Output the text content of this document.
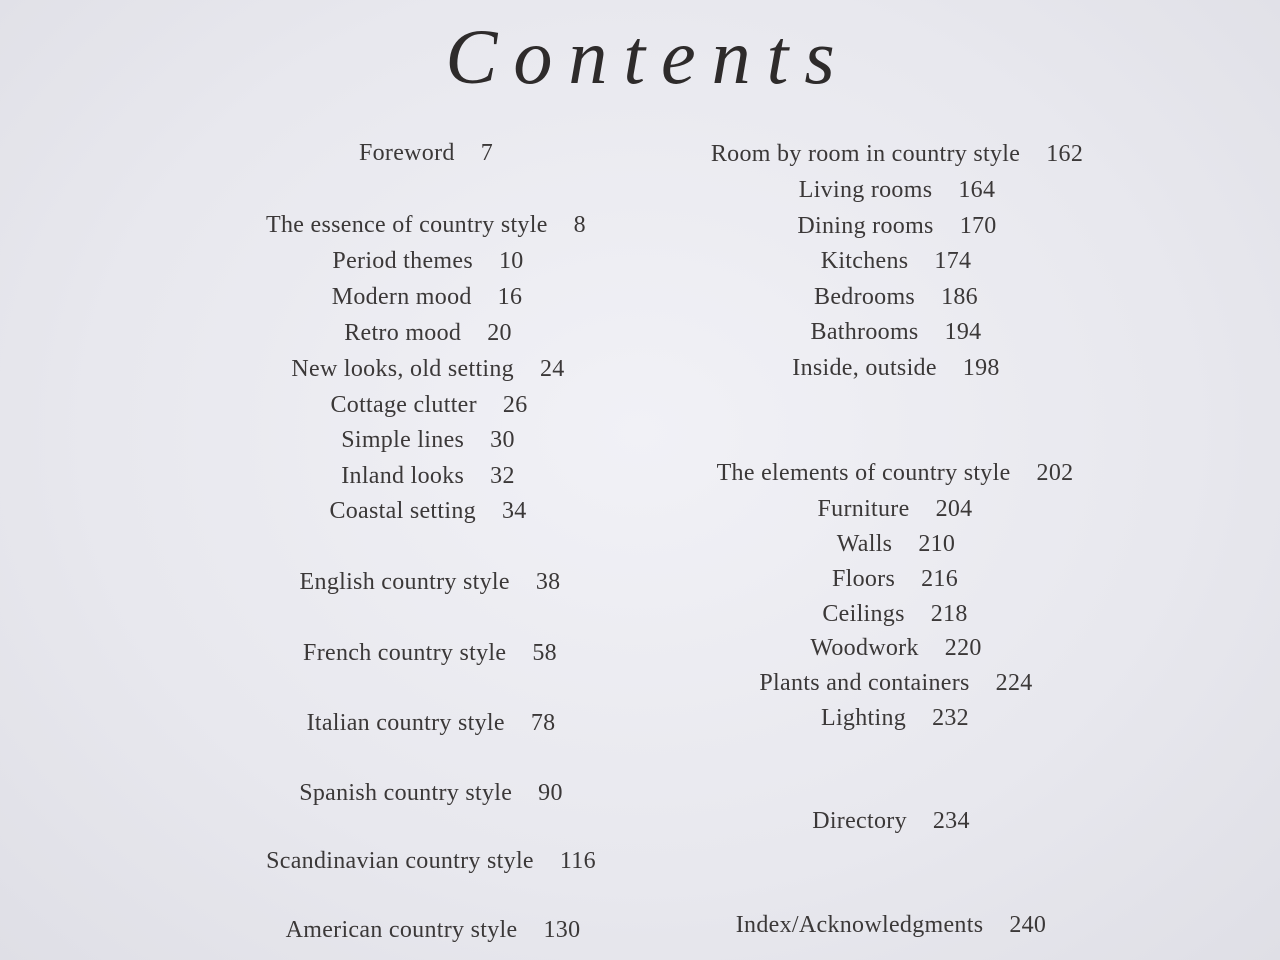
Contents
Foreword 7
The essence of country style 8
Period themes 10
Modern mood 16
Retro mood 20
New looks, old setting 24
Cottage clutter 26
Simple lines 30
Inland looks 32
Coastal setting 34
English country style 38
French country style 58
Italian country style 78
Spanish country style 90
Scandinavian country style 116
American country style 130
Room by room in country style 162
Living rooms 164
Dining rooms 170
Kitchens 174
Bedrooms 186
Bathrooms 194
Inside, outside 198
The elements of country style 202
Furniture 204
Walls 210
Floors 216
Ceilings 218
Woodwork 220
Plants and containers 224
Lighting 232
Directory 234
Index/Acknowledgments 240
